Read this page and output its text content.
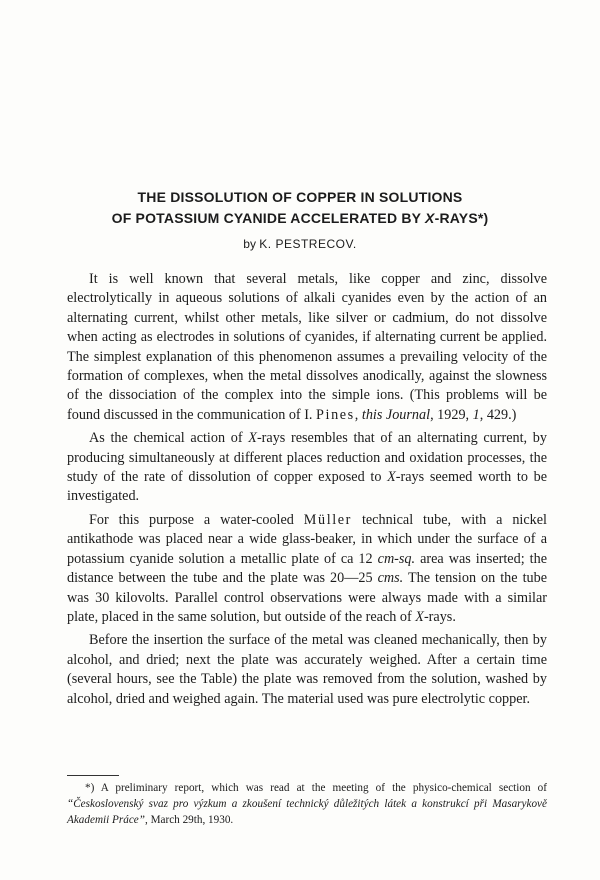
THE DISSOLUTION OF COPPER IN SOLUTIONS
OF POTASSIUM CYANIDE ACCELERATED BY X-RAYS*)
by K. PESTRECOV.

It is well known that several metals, like copper and zinc, dissolve electrolytically in aqueous solutions of alkali cyanides even by the action of an alternating current, whilst other metals, like silver or cadmium, do not dissolve when acting as electrodes in solutions of cyanides, if alternating current be applied. The simplest explanation of this phenomenon assumes a prevailing velocity of the formation of complexes, when the metal dissolves anodically, against the slowness of the dissociation of the complex into the simple ions. (This problems will be found discussed in the communication of I. Pines, this Journal, 1929, 1, 429.)

As the chemical action of X-rays resembles that of an alternating current, by producing simultaneously at different places reduction and oxidation processes, the study of the rate of dissolution of copper exposed to X-rays seemed worth to be investigated.

For this purpose a water-cooled Müller technical tube, with a nickel antikathode was placed near a wide glass-beaker, in which under the surface of a potassium cyanide solution a metallic plate of ca 12 cm-sq. area was inserted; the distance between the tube and the plate was 20—25 cms. The tension on the tube was 30 kilovolts. Parallel control observations were always made with a similar plate, placed in the same solution, but outside of the reach of X-rays.

Before the insertion the surface of the metal was cleaned mechanically, then by alcohol, and dried; next the plate was accurately weighed. After a certain time (several hours, see the Table) the plate was removed from the solution, washed by alcohol, dried and weighed again. The material used was pure electrolytic copper.

*) A preliminary report, which was read at the meeting of the physico-chemical section of “Československý svaz pro výzkum a zkoušení technický důležitých látek a konstrukcí při Masarykově Akademii Práce”, March 29th, 1930.
